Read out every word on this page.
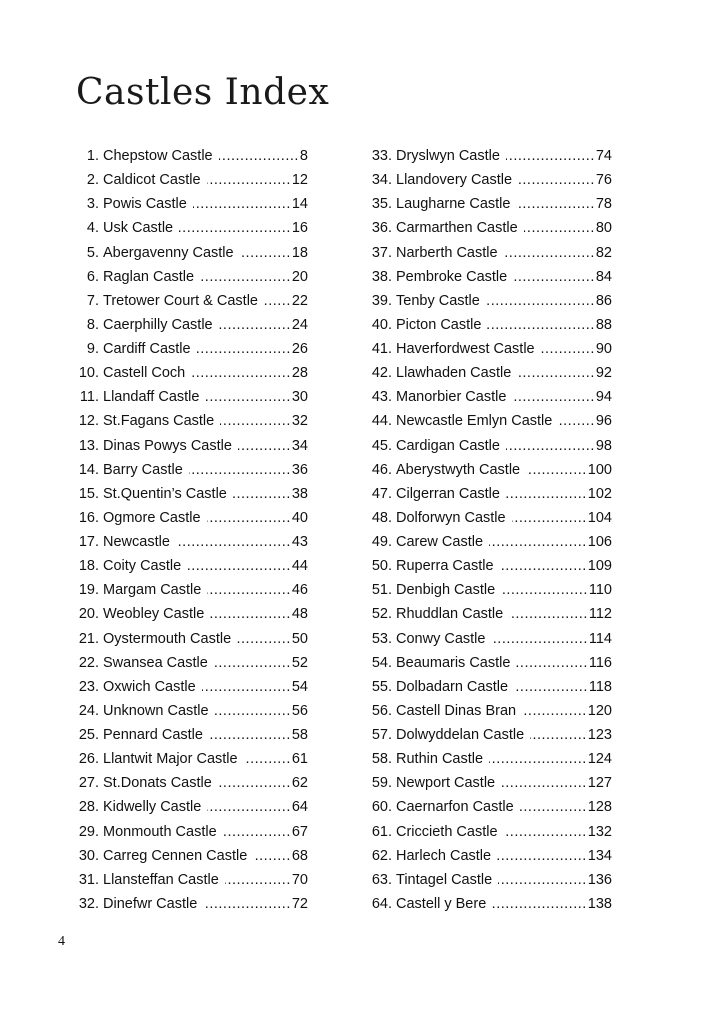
Castles Index
1. Chepstow Castle .....	8
2. Caldicot Castle .....	12
3. Powis Castle .....	14
4. Usk Castle .....	16
5. Abergavenny Castle .....	18
6. Raglan Castle .....	20
7. Tretower Court & Castle ..... 22
8. Caerphilly Castle .....	24
9. Cardiff Castle .....	26
10. Castell Coch .....	28
11. Llandaff Castle .....	30
12. St.Fagans Castle .....	32
13. Dinas Powys Castle .....	34
14. Barry Castle .....	36
15. St.Quentin’s Castle .....	38
16. Ogmore Castle .....	40
17. Newcastle .....	43
18. Coity Castle .....	44
19. Margam Castle .....	46
20. Weobley Castle .....	48
21. Oystermouth Castle .....	50
22. Swansea Castle .....	52
23. Oxwich Castle .....	54
24. Unknown Castle .....	56
25. Pennard Castle .....	58
26. Llantwit Major Castle .....	61
27. St.Donats Castle .....	62
28. Kidwelly Castle .....	64
29. Monmouth Castle .....	67
30. Carreg Cennen Castle .....	68
31. Llansteffan Castle .....	70
32. Dinefwr Castle .....	72
33. Dryslwyn Castle .....	74
34. Llandovery Castle .....	76
35. Laugharne Castle .....	78
36. Carmarthen Castle .....	80
37. Narberth Castle .....	82
38. Pembroke Castle .....	84
39. Tenby Castle .....	86
40. Picton Castle .....	88
41. Haverfordwest Castle .....	90
42. Llawhaden Castle .....	92
43. Manorbier Castle .....	94
44. Newcastle Emlyn Castle .....	96
45. Cardigan Castle .....	98
46. Aberystwyth Castle .....	100
47. Cilgerran Castle .....	102
48. Dolforwyn Castle .....	104
49. Carew Castle .....	106
50. Ruperra Castle .....	109
51. Denbigh Castle .....	110
52. Rhuddlan Castle .....	112
53. Conwy Castle .....	114
54. Beaumaris Castle .....	116
55. Dolbadarn Castle .....	118
56. Castell Dinas Bran .....	120
57. Dolwyddelan Castle .....	123
58. Ruthin Castle .....	124
59. Newport Castle .....	127
60. Caernarfon Castle .....	128
61. Criccieth Castle .....	132
62. Harlech Castle .....	134
63. Tintagel Castle .....	136
64. Castell y Bere .....	138
4
